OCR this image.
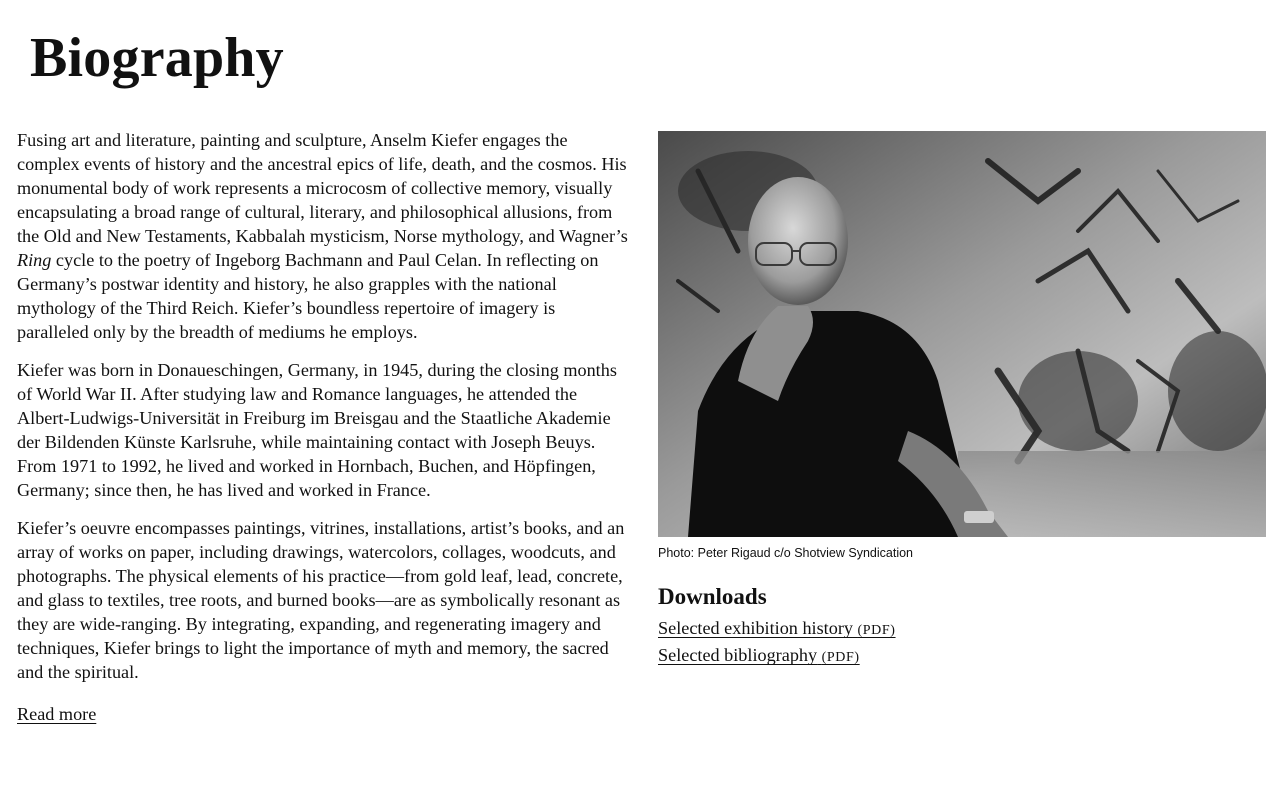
Biography

Fusing art and literature, painting and sculpture, Anselm Kiefer engages the complex events of history and the ancestral epics of life, death, and the cosmos. His monumental body of work represents a microcosm of collective memory, visually encapsulating a broad range of cultural, literary, and philosophical allusions, from the Old and New Testaments, Kabbalah mysticism, Norse mythology, and Wagner’s Ring cycle to the poetry of Ingeborg Bachmann and Paul Celan. In reflecting on Germany’s postwar identity and history, he also grapples with the national mythology of the Third Reich. Kiefer’s boundless repertoire of imagery is paralleled only by the breadth of mediums he employs.

Kiefer was born in Donaueschingen, Germany, in 1945, during the closing months of World War II. After studying law and Romance languages, he attended the Albert-Ludwigs-Universität in Freiburg im Breisgau and the Staatliche Akademie der Bildenden Künste Karlsruhe, while maintaining contact with Joseph Beuys. From 1971 to 1992, he lived and worked in Hornbach, Buchen, and Höpfingen, Germany; since then, he has lived and worked in France.

Kiefer’s oeuvre encompasses paintings, vitrines, installations, artist’s books, and an array of works on paper, including drawings, watercolors, collages, woodcuts, and photographs. The physical elements of his practice—from gold leaf, lead, concrete, and glass to textiles, tree roots, and burned books—are as symbolically resonant as they are wide-ranging. By integrating, expanding, and regenerating imagery and techniques, Kiefer brings to light the importance of myth and memory, the sacred and the spiritual.

Read more
Photo: Peter Rigaud c/o Shotview Syndication
Downloads
Selected exhibition history (PDF)
Selected bibliography (PDF)
